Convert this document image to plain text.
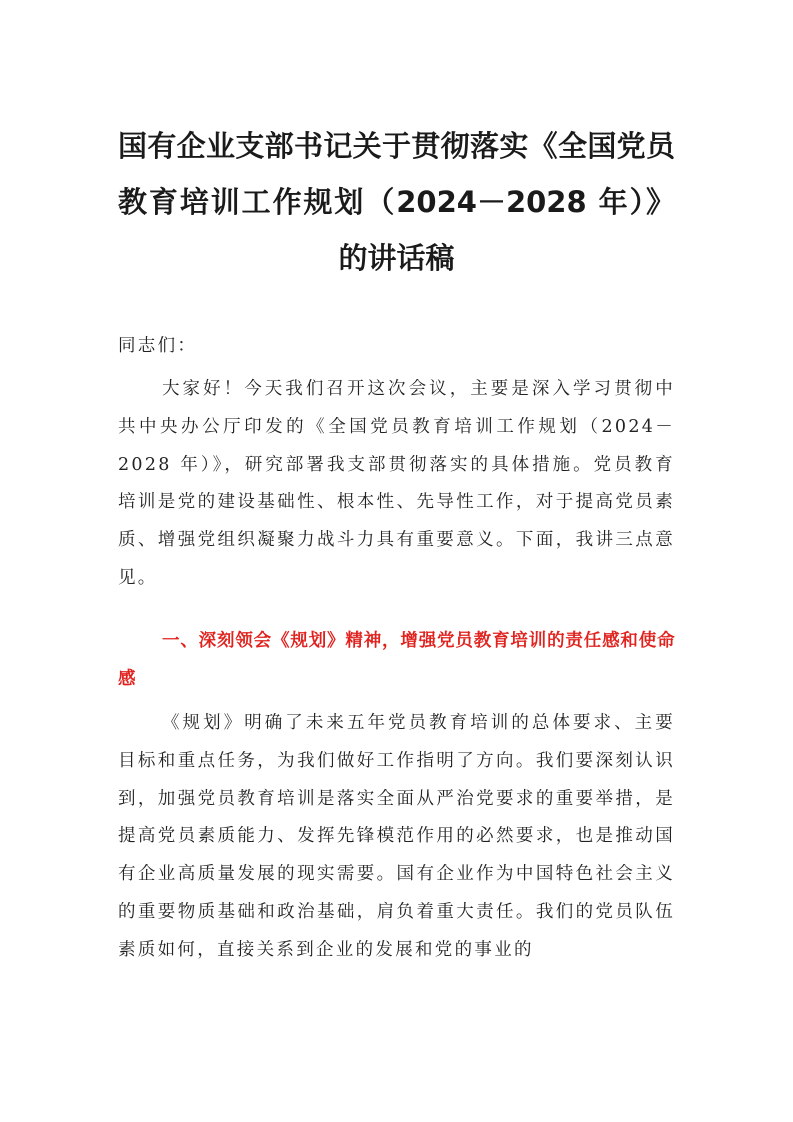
国有企业支部书记关于贯彻落实《全国党员教育培训工作规划（2024－2028 年）》的讲话稿

同志们：

大家好！今天我们召开这次会议，主要是深入学习贯彻中共中央办公厅印发的《全国党员教育培训工作规划（2024－2028 年）》，研究部署我支部贯彻落实的具体措施。党员教育培训是党的建设基础性、根本性、先导性工作，对于提高党员素质、增强党组织凝聚力战斗力具有重要意义。下面，我讲三点意见。

一、深刻领会《规划》精神，增强党员教育培训的责任感和使命感

《规划》明确了未来五年党员教育培训的总体要求、主要目标和重点任务，为我们做好工作指明了方向。我们要深刻认识到，加强党员教育培训是落实全面从严治党要求的重要举措，是提高党员素质能力、发挥先锋模范作用的必然要求，也是推动国有企业高质量发展的现实需要。国有企业作为中国特色社会主义的重要物质基础和政治基础，肩负着重大责任。我们的党员队伍素质如何，直接关系到企业的发展和党的事业的
